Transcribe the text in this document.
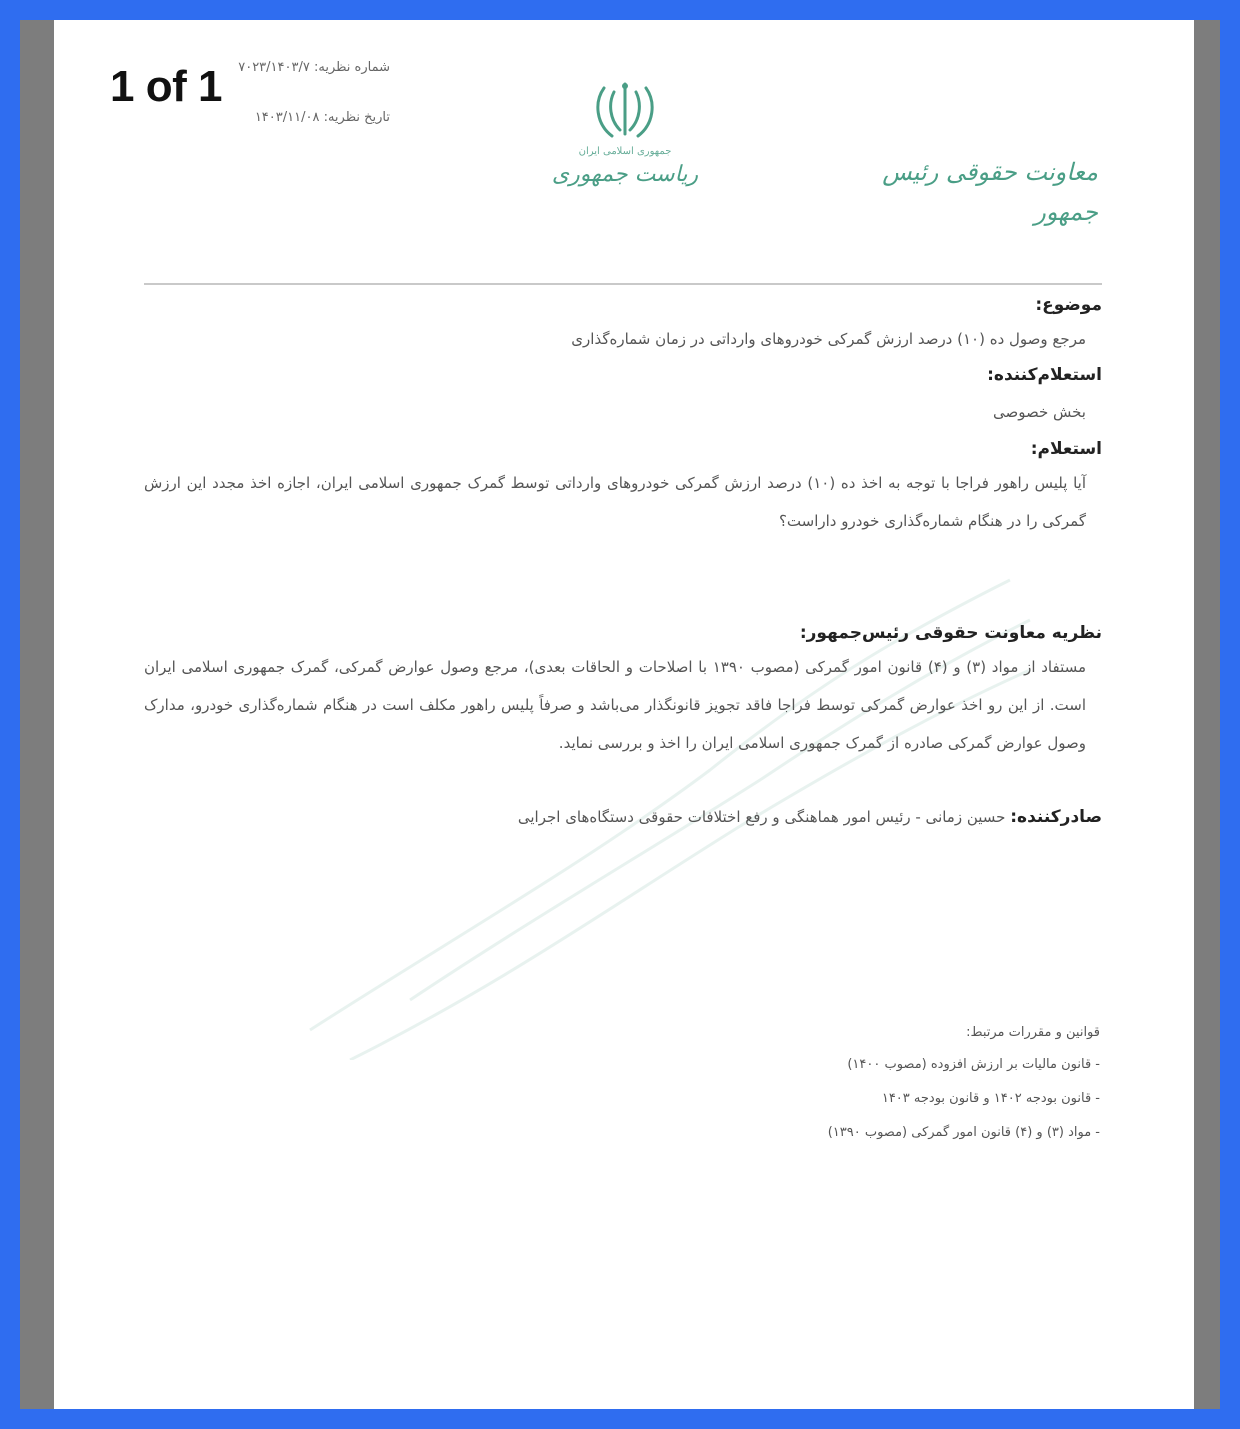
1 of 1	شماره نظریه: ۷۰۲۳/۱۴۰۳/۷
تاریخ نظریه: ۱۴۰۳/۱۱/۰۸
جمهوری اسلامی ایران
ریاست جمهوری	معاونت حقوقی رئیس جمهور
موضوع:
مرجع وصول ده (۱۰) درصد ارزش گمرکی خودروهای وارداتی در زمان شماره‌گذاری
استعلام‌کننده:
بخش خصوصی
استعلام:
آیا پلیس راهور فراجا با توجه به اخذ ده (۱۰) درصد ارزش گمرکی خودروهای وارداتی توسط گمرک جمهوری اسلامی ایران، اجازه اخذ مجدد این ارزش گمرکی را در هنگام شماره‌گذاری خودرو داراست؟
نظریه معاونت حقوقی رئیس‌جمهور:
مستفاد از مواد (۳) و (۴) قانون امور گمرکی (مصوب ۱۳۹۰ با اصلاحات و الحاقات بعدی)، مرجع وصول عوارض گمرکی، گمرک جمهوری اسلامی ایران است. از این رو اخذ عوارض گمرکی توسط فراجا فاقد تجویز قانونگذار می‌باشد و صرفاً پلیس راهور مکلف است در هنگام شماره‌گذاری خودرو، مدارک وصول عوارض گمرکی صادره از گمرک جمهوری اسلامی ایران را اخذ و بررسی نماید.
صادرکننده: حسین زمانی - رئیس امور هماهنگی و رفع اختلافات حقوقی دستگاه‌های اجرایی
قوانین و مقررات مرتبط:
- قانون مالیات بر ارزش افزوده (مصوب ۱۴۰۰)
- قانون بودجه ۱۴۰۲ و قانون بودجه ۱۴۰۳
- مواد (۳) و (۴) قانون امور گمرکی (مصوب ۱۳۹۰)
